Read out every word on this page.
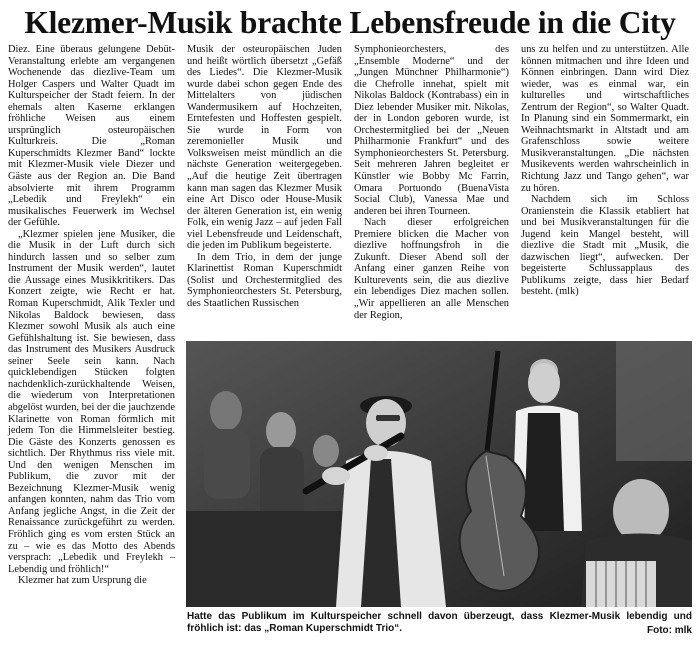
Klezmer-Musik brachte Lebensfreude in die City

Diez. Eine überaus gelungene Debüt-Veranstaltung erlebte am vergangenen Wochenende das diezlive-Team um Holger Caspers und Walter Quadt im Kulturspeicher der Stadt feiern. In der ehemals alten Kaserne erklangen fröhliche Weisen aus einem ursprünglich osteuropäischen Kulturkreis. Die „Roman Kuperschmidts Klezmer Band“ lockte mit Klezmer-Musik viele Diezer und Gäste aus der Region an. Die Band absolvierte mit ihrem Programm „Lebedik und Freylekh“ ein musikalisches Feuerwerk im Wechsel der Gefühle.

„Klezmer spielen jene Musiker, die die Musik in der Luft durch sich hindurch lassen und so selber zum Instrument der Musik werden“, lautet die Aussage eines Musikkritikers. Das Konzert zeigte, wie Recht er hat. Roman Kuperschmidt, Alik Texler und Nikolas Baldock bewiesen, dass Klezmer sowohl Musik als auch eine Gefühlshaltung ist. Sie bewiesen, dass das Instrument des Musikers Ausdruck seiner Seele sein kann. Nach quicklebendigen Stücken folgten nachdenklich-zurückhaltende Weisen, die wiederum von Interpretationen abgelöst wurden, bei der die jauchzende Klarinette von Roman förmlich mit jedem Ton die Himmelsleiter bestieg. Die Gäste des Konzerts genossen es sichtlich. Der Rhythmus riss viele mit. Und den wenigen Menschen im Publikum, die zuvor mit der Bezeichnung Klezmer-Musik wenig anfangen konnten, nahm das Trio vom Anfang jegliche Angst, in die Zeit der Renaissance zurückgeführt zu werden. Fröhlich ging es vom ersten Stück an zu – wie es das Motto des Abends versprach: „Lebedik und Freylekh – Lebendig und fröhlich!“

Klezmer hat zum Ursprung die

Musik der osteuropäischen Juden und heißt wörtlich übersetzt „Gefäß des Liedes“. Die Klezmer-Musik wurde dabei schon gegen Ende des Mittelalters von jüdischen Wandermusikern auf Hochzeiten, Erntefesten und Hoffesten gespielt. Sie wurde in Form von zeremonieller Musik und Volksweisen meist mündlich an die nächste Generation weitergegeben. „Auf die heutige Zeit übertragen kann man sagen das Klezmer Musik eine Art Disco oder House-Musik der älteren Generation ist, ein wenig Folk, ein wenig Jazz – auf jeden Fall viel Lebensfreude und Leidenschaft, die jeden im Publikum begeisterte.

In dem Trio, in dem der junge Klarinettist Roman Kuperschmidt (Solist und Orchestermitglied des Symphonieorchesters St. Petersburg, des Staatlichen Russischen

Symphonieorchesters, des „Ensemble Moderne“ und der „Jungen Münchner Philharmonie“) die Chefrolle innehat, spielt mit Nikolas Baldock (Kontrabass) ein in Diez lebender Musiker mit. Nikolas, der in London geboren wurde, ist Orchestermitglied bei der „Neuen Philharmonie Frankfurt“ und des Symphonieorchesters St. Petersburg. Seit mehreren Jahren begleitet er Künstler wie Bobby Mc Farrin, Omara Portuondo (BuenaVista Social Club), Vanessa Mae und anderen bei ihren Tourneen.

Nach dieser erfolgreichen Premiere blicken die Macher von diezlive hoffnungsfroh in die Zukunft. Dieser Abend soll der Anfang einer ganzen Reihe von Kulturevents sein, die aus diezlive ein lebendiges Diez machen sollen. „Wir appellieren an alle Menschen der Region,

uns zu helfen und zu unterstützen. Alle können mitmachen und ihre Ideen und Können einbringen. Dann wird Diez wieder, was es einmal war, ein kulturelles und wirtschaftliches Zentrum der Region“, so Walter Quadt. In Planung sind ein Sommermarkt, ein Weihnachtsmarkt in Altstadt und am Grafenschloss sowie weitere Musikveranstaltungen. „Die nächsten Musikevents werden wahrscheinlich in Richtung Jazz und Tango gehen“, war zu hören.

Nachdem sich im Schloss Oranienstein die Klassik etabliert hat und bei Musikveranstaltungen für die Jugend kein Mangel besteht, will diezlive die Stadt mit „Musik, die dazwischen liegt“, aufwecken. Der begeisterte Schlussapplaus des Publikums zeigte, dass hier Bedarf besteht. (mlk)

Hatte das Publikum im Kulturspeicher schnell davon überzeugt, dass Klezmer-Musik lebendig und fröhlich ist: das „Roman Kuperschmidt Trio“.	Foto: mlk
